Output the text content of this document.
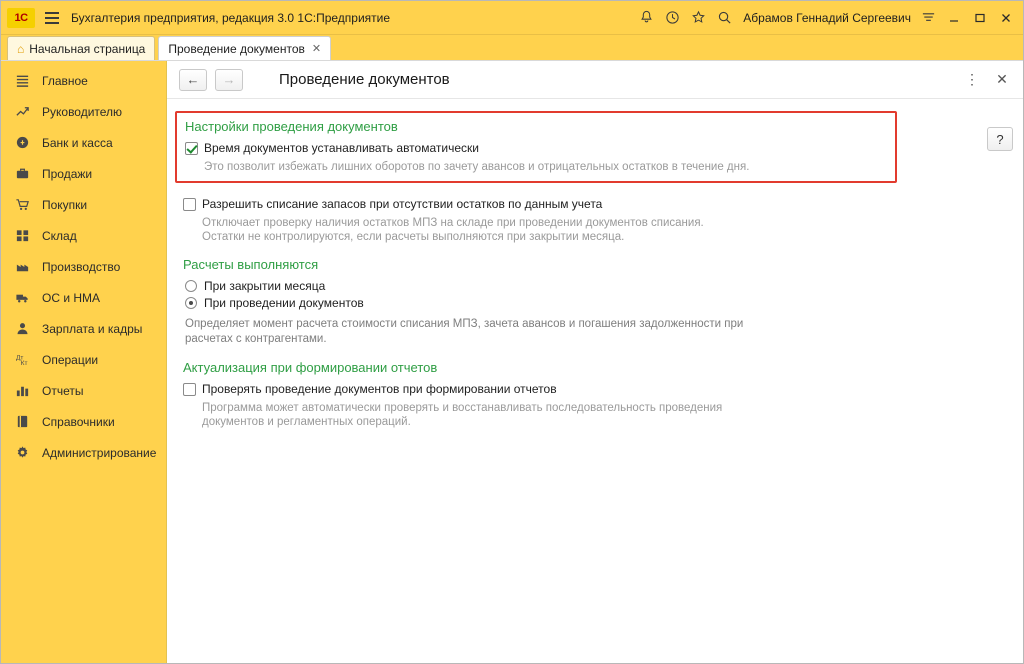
1C	Бухгалтерия предприятия, редакция 3.0 1С:Предприятие	Абрамов Геннадий Сергеевич
⌂ Начальная страница Проведение документов ✕
Главное
Руководителю
Банк и касса
Продажи
Покупки
Склад
Производство
ОС и НМА
Зарплата и кадры
Дт
Кт Операции
Отчеты
Справочники
Администрирование
←	→	Проведение документов	⋮	✕
?
Настройки проведения документов
Время документов устанавливать автоматически
Это позволит избежать лишних оборотов по зачету авансов и отрицательных остатков в течение дня.
Разрешить списание запасов при отсутствии остатков по данным учета
Отключает проверку наличия остатков МПЗ на складе при проведении документов списания.
Остатки не контролируются, если расчеты выполняются при закрытии месяца.
Расчеты выполняются
При закрытии месяца
При проведении документов
Определяет момент расчета стоимости списания МПЗ, зачета авансов и погашения задолженности при
расчетах с контрагентами.
Актуализация при формировании отчетов
Проверять проведение документов при формировании отчетов
Программа может автоматически проверять и восстанавливать последовательность проведения
документов и регламентных операций.
